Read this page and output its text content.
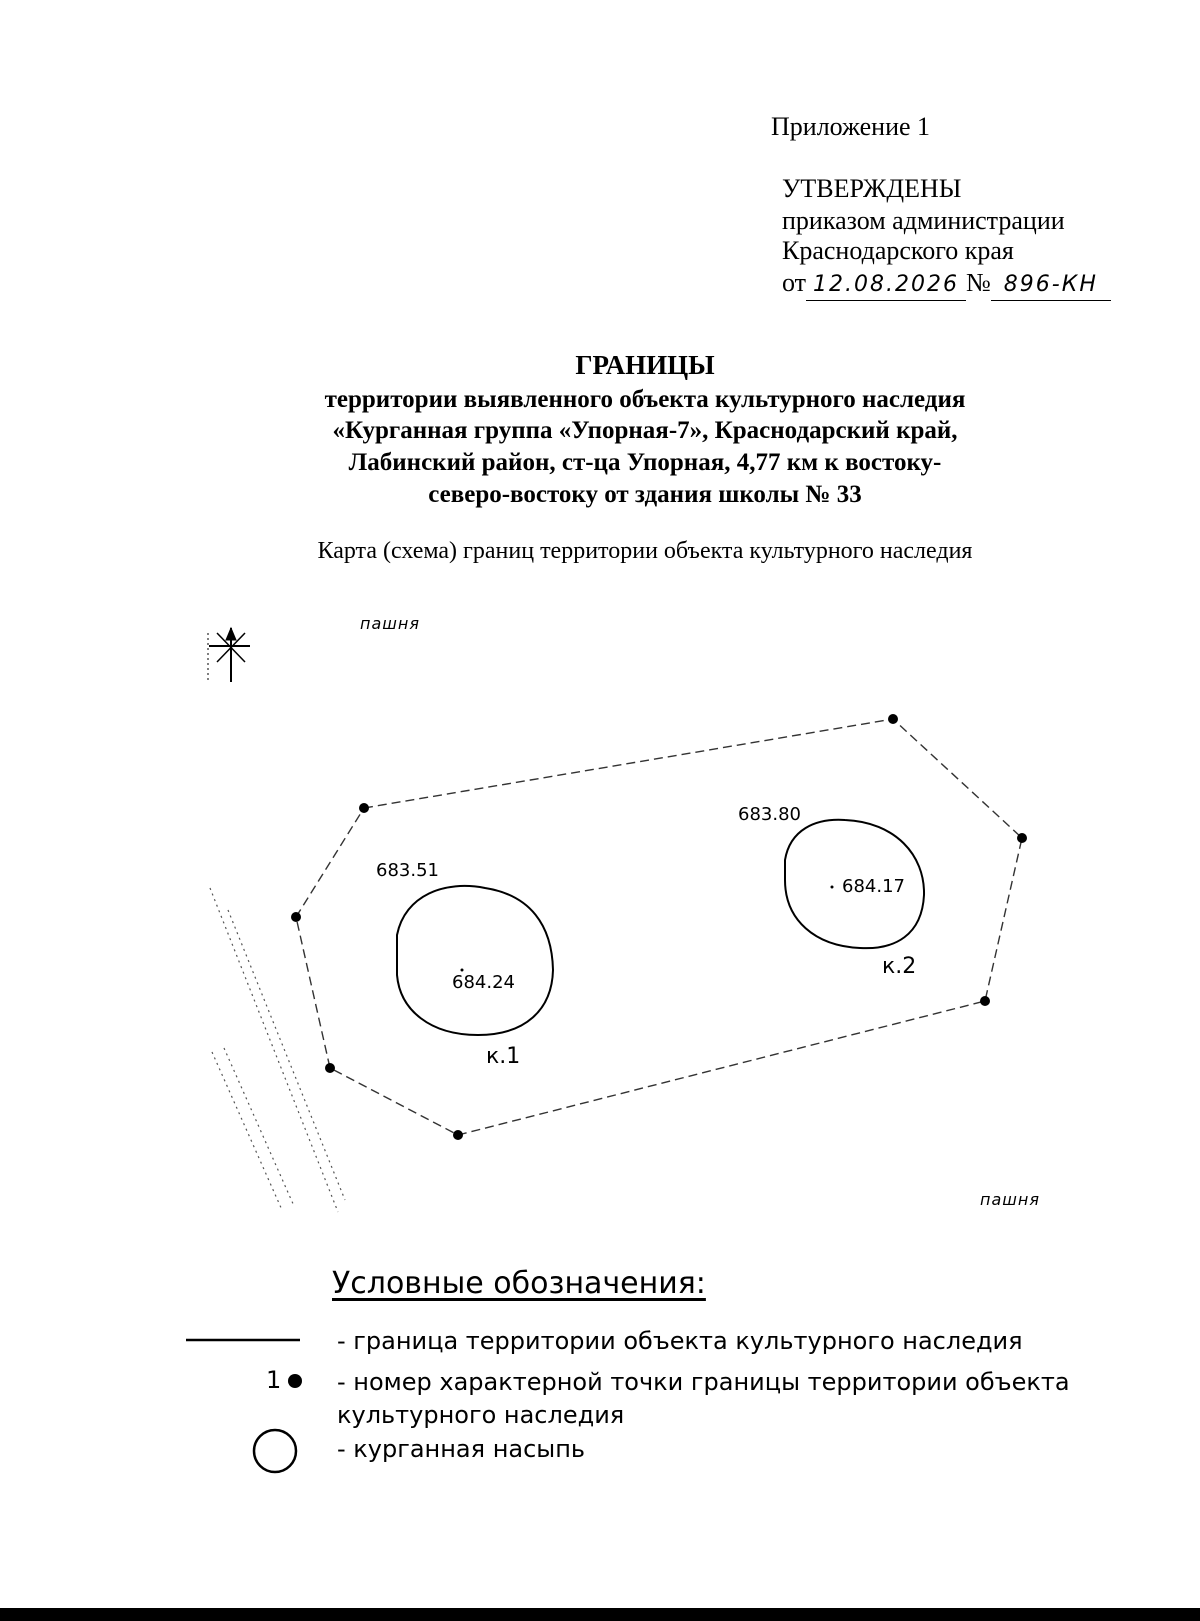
Приложение 1
УТВЕРЖДЕНЫ
приказом администрации
Краснодарского края
от 12.08.2026 № 896-КН
ГРАНИЦЫ
территории выявленного объекта культурного наследия
«Курганная группа «Упорная-7», Краснодарский край,
Лабинский район, ст-ца Упорная, 4,77 км к востоку-
северо-востоку от здания школы № 33
Карта (схема) границ территории объекта культурного наследия
пашня
пашня
683.51
684.24
к.1
683.80
684.17
к.2
Условные обозначения:
1
- граница территории объекта культурного наследия
- номер характерной точки границы территории объекта
культурного наследия
- курганная насыпь
